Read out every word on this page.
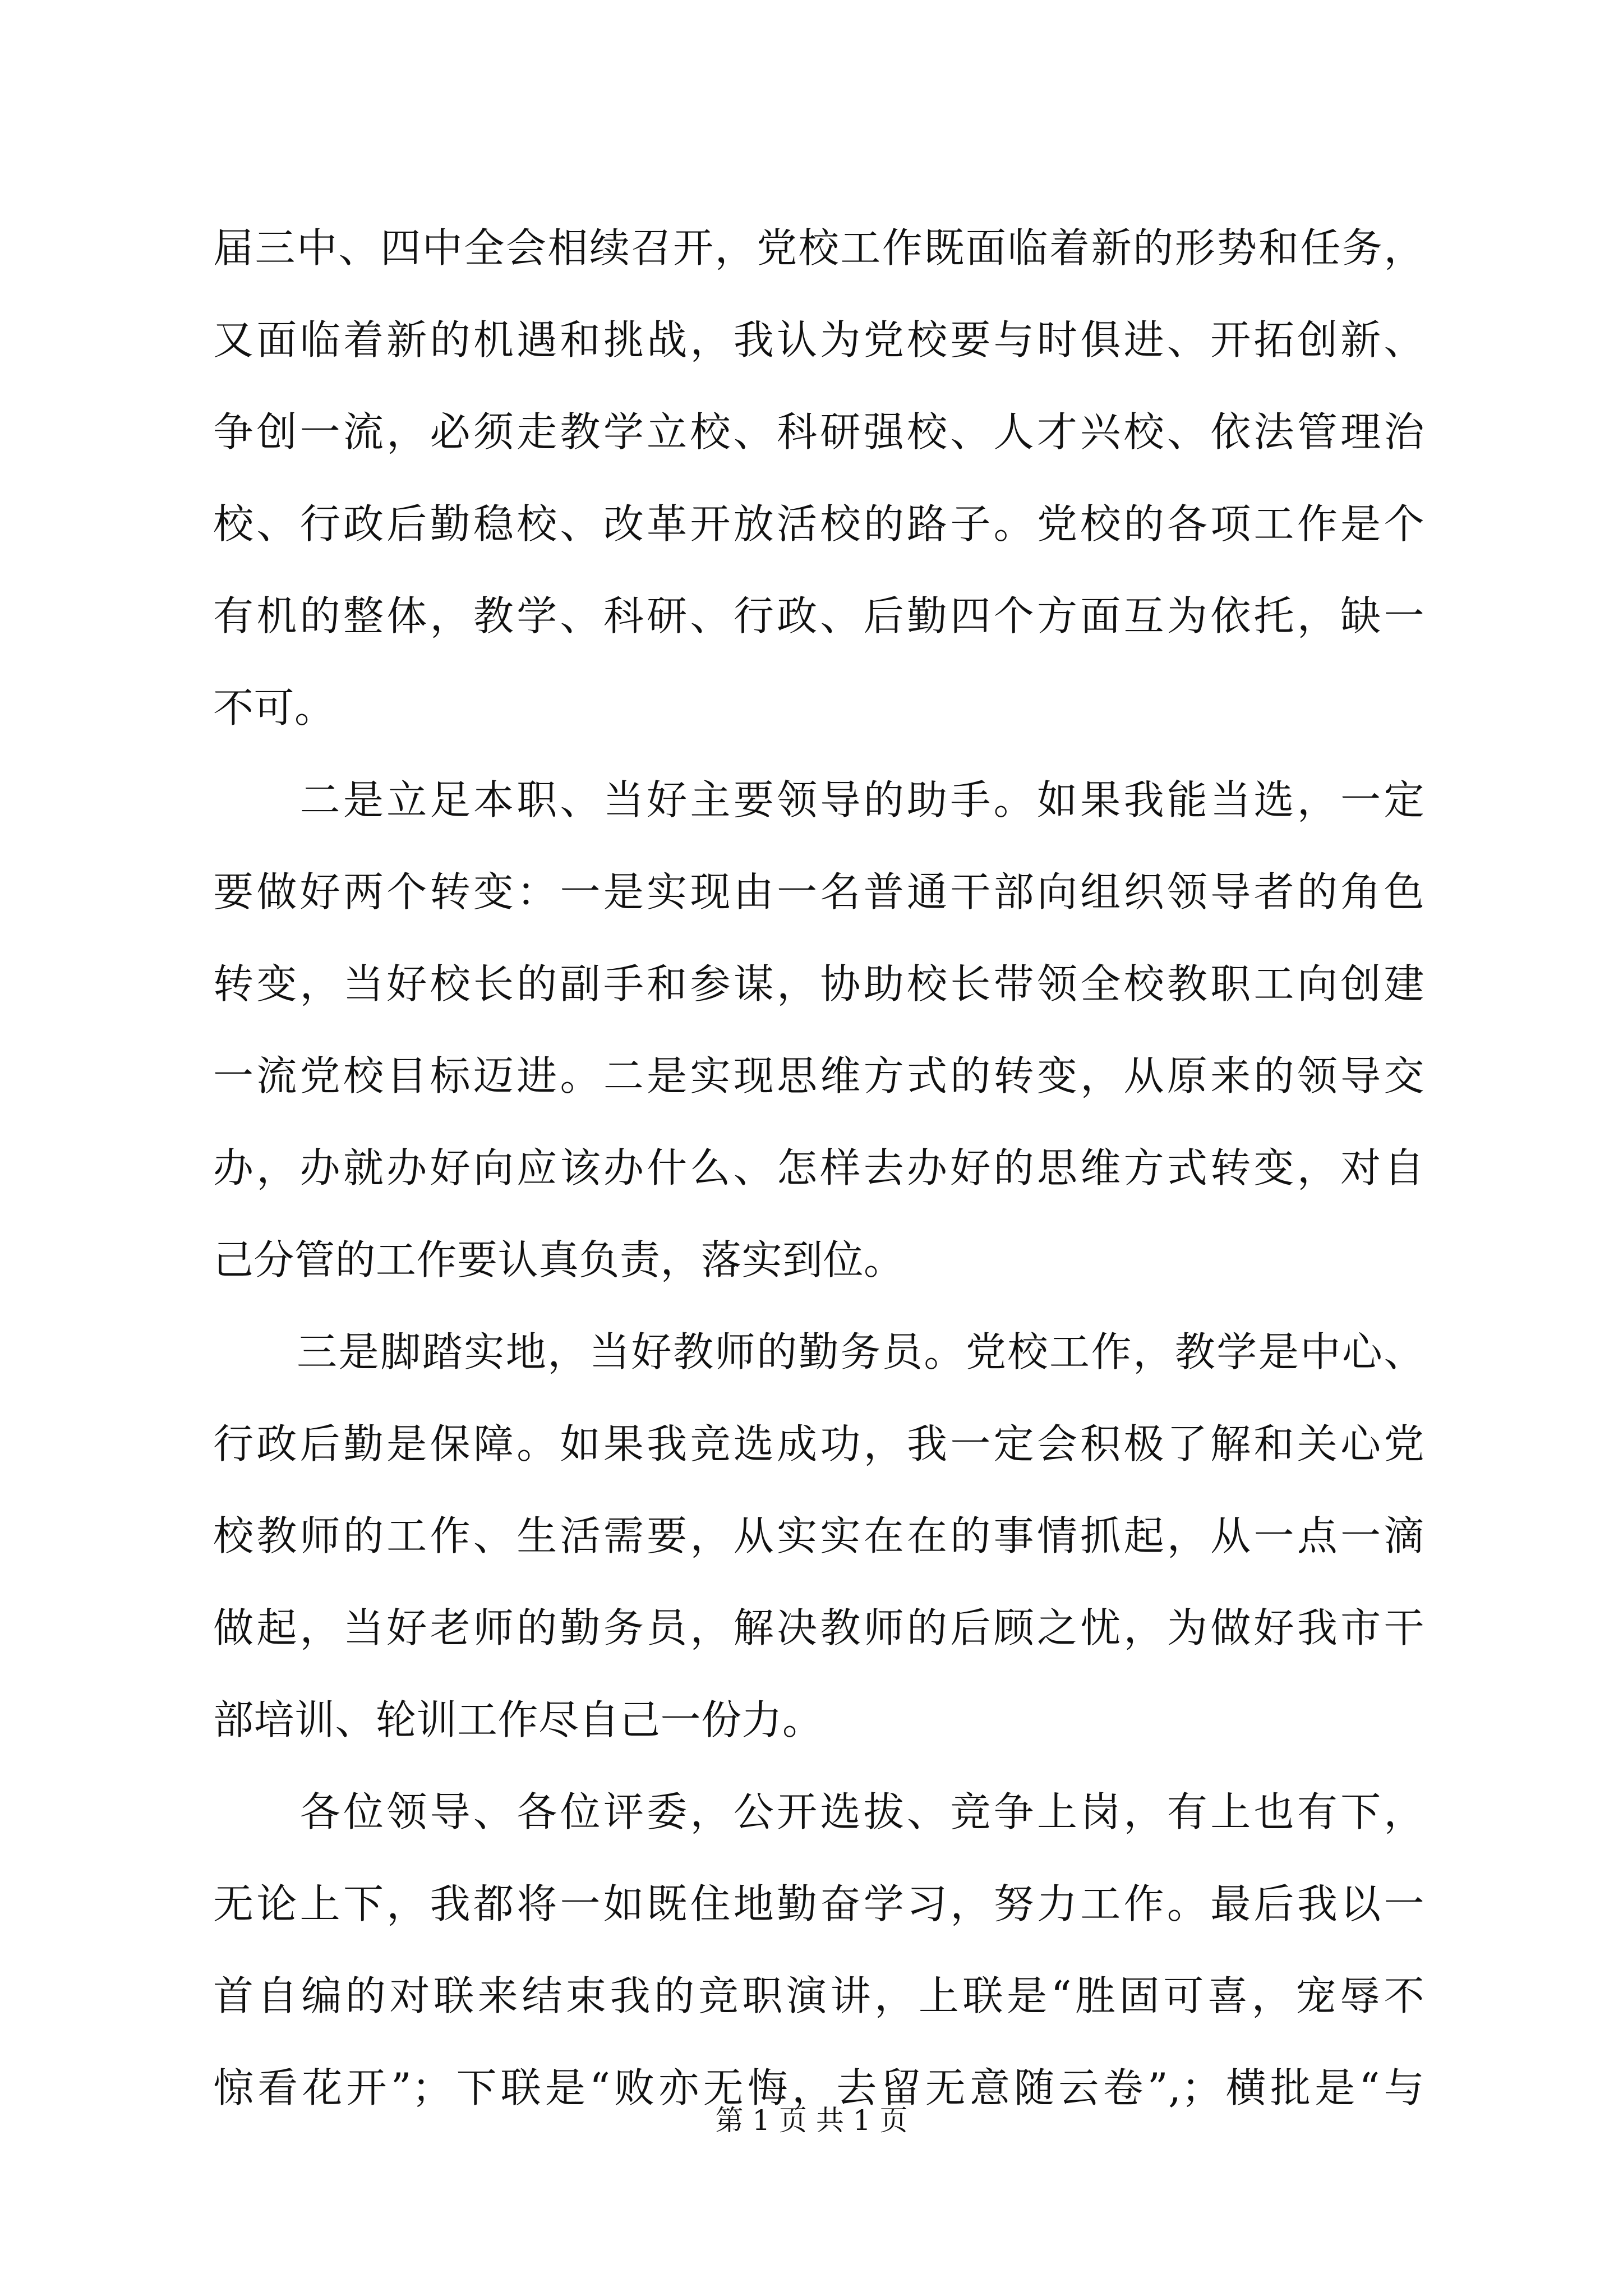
届三中、四中全会相续召开，党校工作既面临着新的形势和任务，
又面临着新的机遇和挑战，我认为党校要与时俱进、开拓创新、
争创一流，必须走教学立校、科研强校、人才兴校、依法管理治
校、行政后勤稳校、改革开放活校的路子。党校的各项工作是个
有机的整体，教学、科研、行政、后勤四个方面互为依托，缺一
不可。
　　二是立足本职、当好主要领导的助手。如果我能当选，一定
要做好两个转变：一是实现由一名普通干部向组织领导者的角色
转变，当好校长的副手和参谋，协助校长带领全校教职工向创建
一流党校目标迈进。二是实现思维方式的转变，从原来的领导交
办，办就办好向应该办什么、怎样去办好的思维方式转变，对自
己分管的工作要认真负责，落实到位。
　　三是脚踏实地，当好教师的勤务员。党校工作，教学是中心、
行政后勤是保障。如果我竞选成功，我一定会积极了解和关心党
校教师的工作、生活需要，从实实在在的事情抓起，从一点一滴
做起，当好老师的勤务员，解决教师的后顾之忧，为做好我市干
部培训、轮训工作尽自己一份力。
　　各位领导、各位评委，公开选拔、竞争上岗，有上也有下，
无论上下，我都将一如既住地勤奋学习，努力工作。最后我以一
首自编的对联来结束我的竞职演讲，上联是“胜固可喜，宠辱不
惊看花开”；下联是“败亦无悔，去留无意随云卷”,；横批是“与
第 1 页 共 1 页
